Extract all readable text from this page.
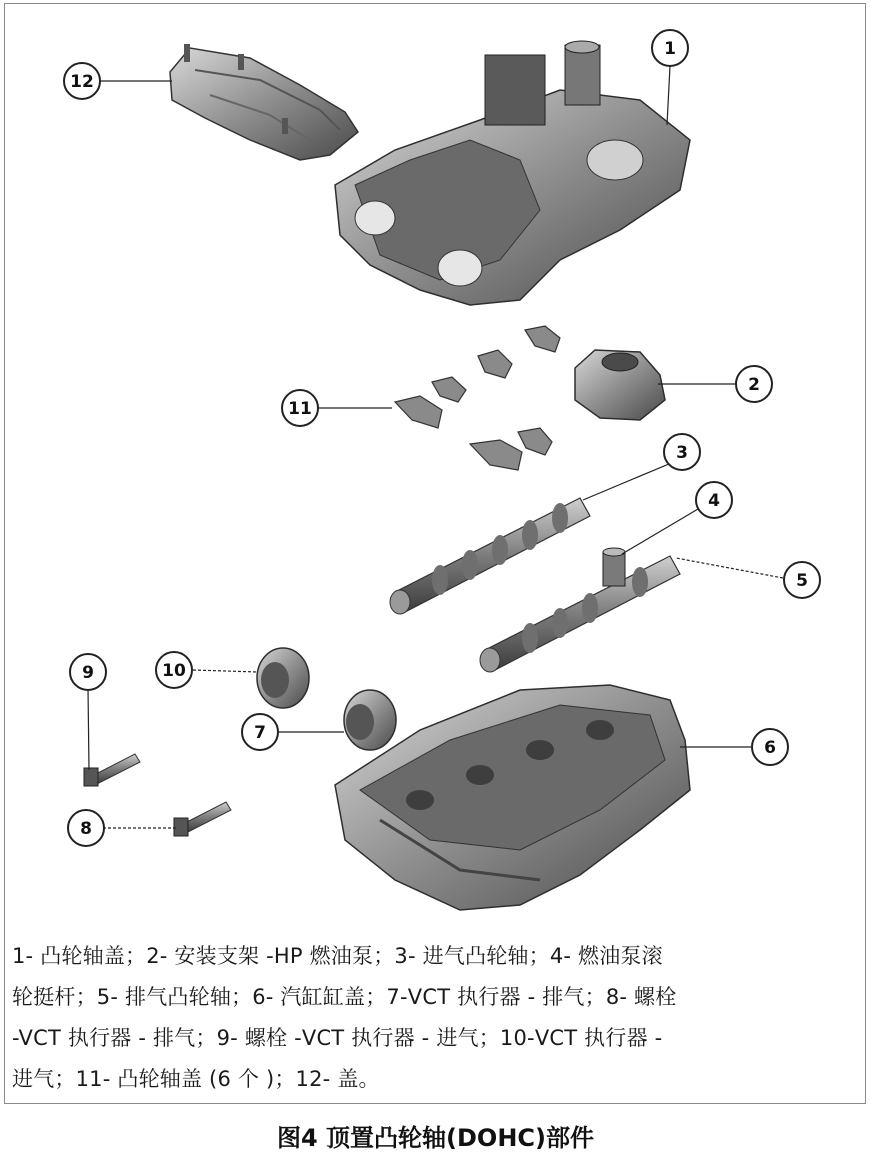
12
1
2
3
4
5
6
7
8
9	10
11
1- 凸轮轴盖；2- 安装支架 -HP 燃油泵；3- 进气凸轮轴；4- 燃油泵滚
轮挺杆；5- 排气凸轮轴；6- 汽缸缸盖；7-VCT 执行器 - 排气；8- 螺栓
-VCT 执行器 - 排气；9- 螺栓 -VCT 执行器 - 进气；10-VCT 执行器 -
进气；11- 凸轮轴盖 (6 个 )；12- 盖。
图4 顶置凸轮轴(DOHC)部件
